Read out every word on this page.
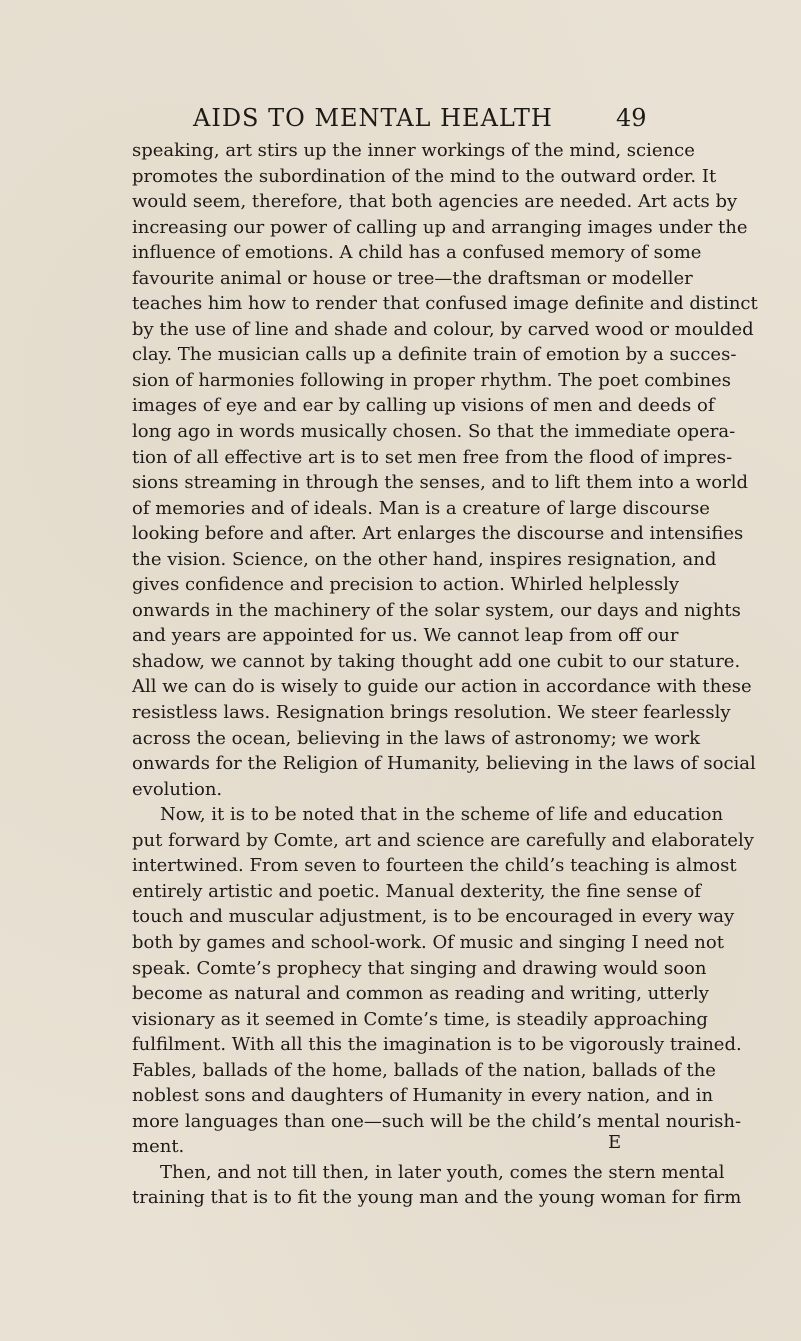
AIDS TO MENTAL HEALTH	49
speaking, art stirs up the inner workings of the mind, science
promotes the subordination of the mind to the outward order. It
would seem, therefore, that both agencies are needed. Art acts by
increasing our power of calling up and arranging images under the
influence of emotions. A child has a confused memory of some
favourite animal or house or tree—the draftsman or modeller
teaches him how to render that confused image definite and distinct
by the use of line and shade and colour, by carved wood or moulded
clay. The musician calls up a definite train of emotion by a succes-
sion of harmonies following in proper rhythm. The poet combines
images of eye and ear by calling up visions of men and deeds of
long ago in words musically chosen. So that the immediate opera-
tion of all effective art is to set men free from the flood of impres-
sions streaming in through the senses, and to lift them into a world
of memories and of ideals. Man is a creature of large discourse
looking before and after. Art enlarges the discourse and intensifies
the vision. Science, on the other hand, inspires resignation, and
gives confidence and precision to action. Whirled helplessly
onwards in the machinery of the solar system, our days and nights
and years are appointed for us. We cannot leap from off our
shadow, we cannot by taking thought add one cubit to our stature.
All we can do is wisely to guide our action in accordance with these
resistless laws. Resignation brings resolution. We steer fearlessly
across the ocean, believing in the laws of astronomy; we work
onwards for the Religion of Humanity, believing in the laws of social
evolution.
Now, it is to be noted that in the scheme of life and education
put forward by Comte, art and science are carefully and elaborately
intertwined. From seven to fourteen the child’s teaching is almost
entirely artistic and poetic. Manual dexterity, the fine sense of
touch and muscular adjustment, is to be encouraged in every way
both by games and school-work. Of music and singing I need not
speak. Comte’s prophecy that singing and drawing would soon
become as natural and common as reading and writing, utterly
visionary as it seemed in Comte’s time, is steadily approaching
fulfilment. With all this the imagination is to be vigorously trained.
Fables, ballads of the home, ballads of the nation, ballads of the
noblest sons and daughters of Humanity in every nation, and in
more languages than one—such will be the child’s mental nourish-
ment.
Then, and not till then, in later youth, comes the stern mental
training that is to fit the young man and the young woman for firm
E
